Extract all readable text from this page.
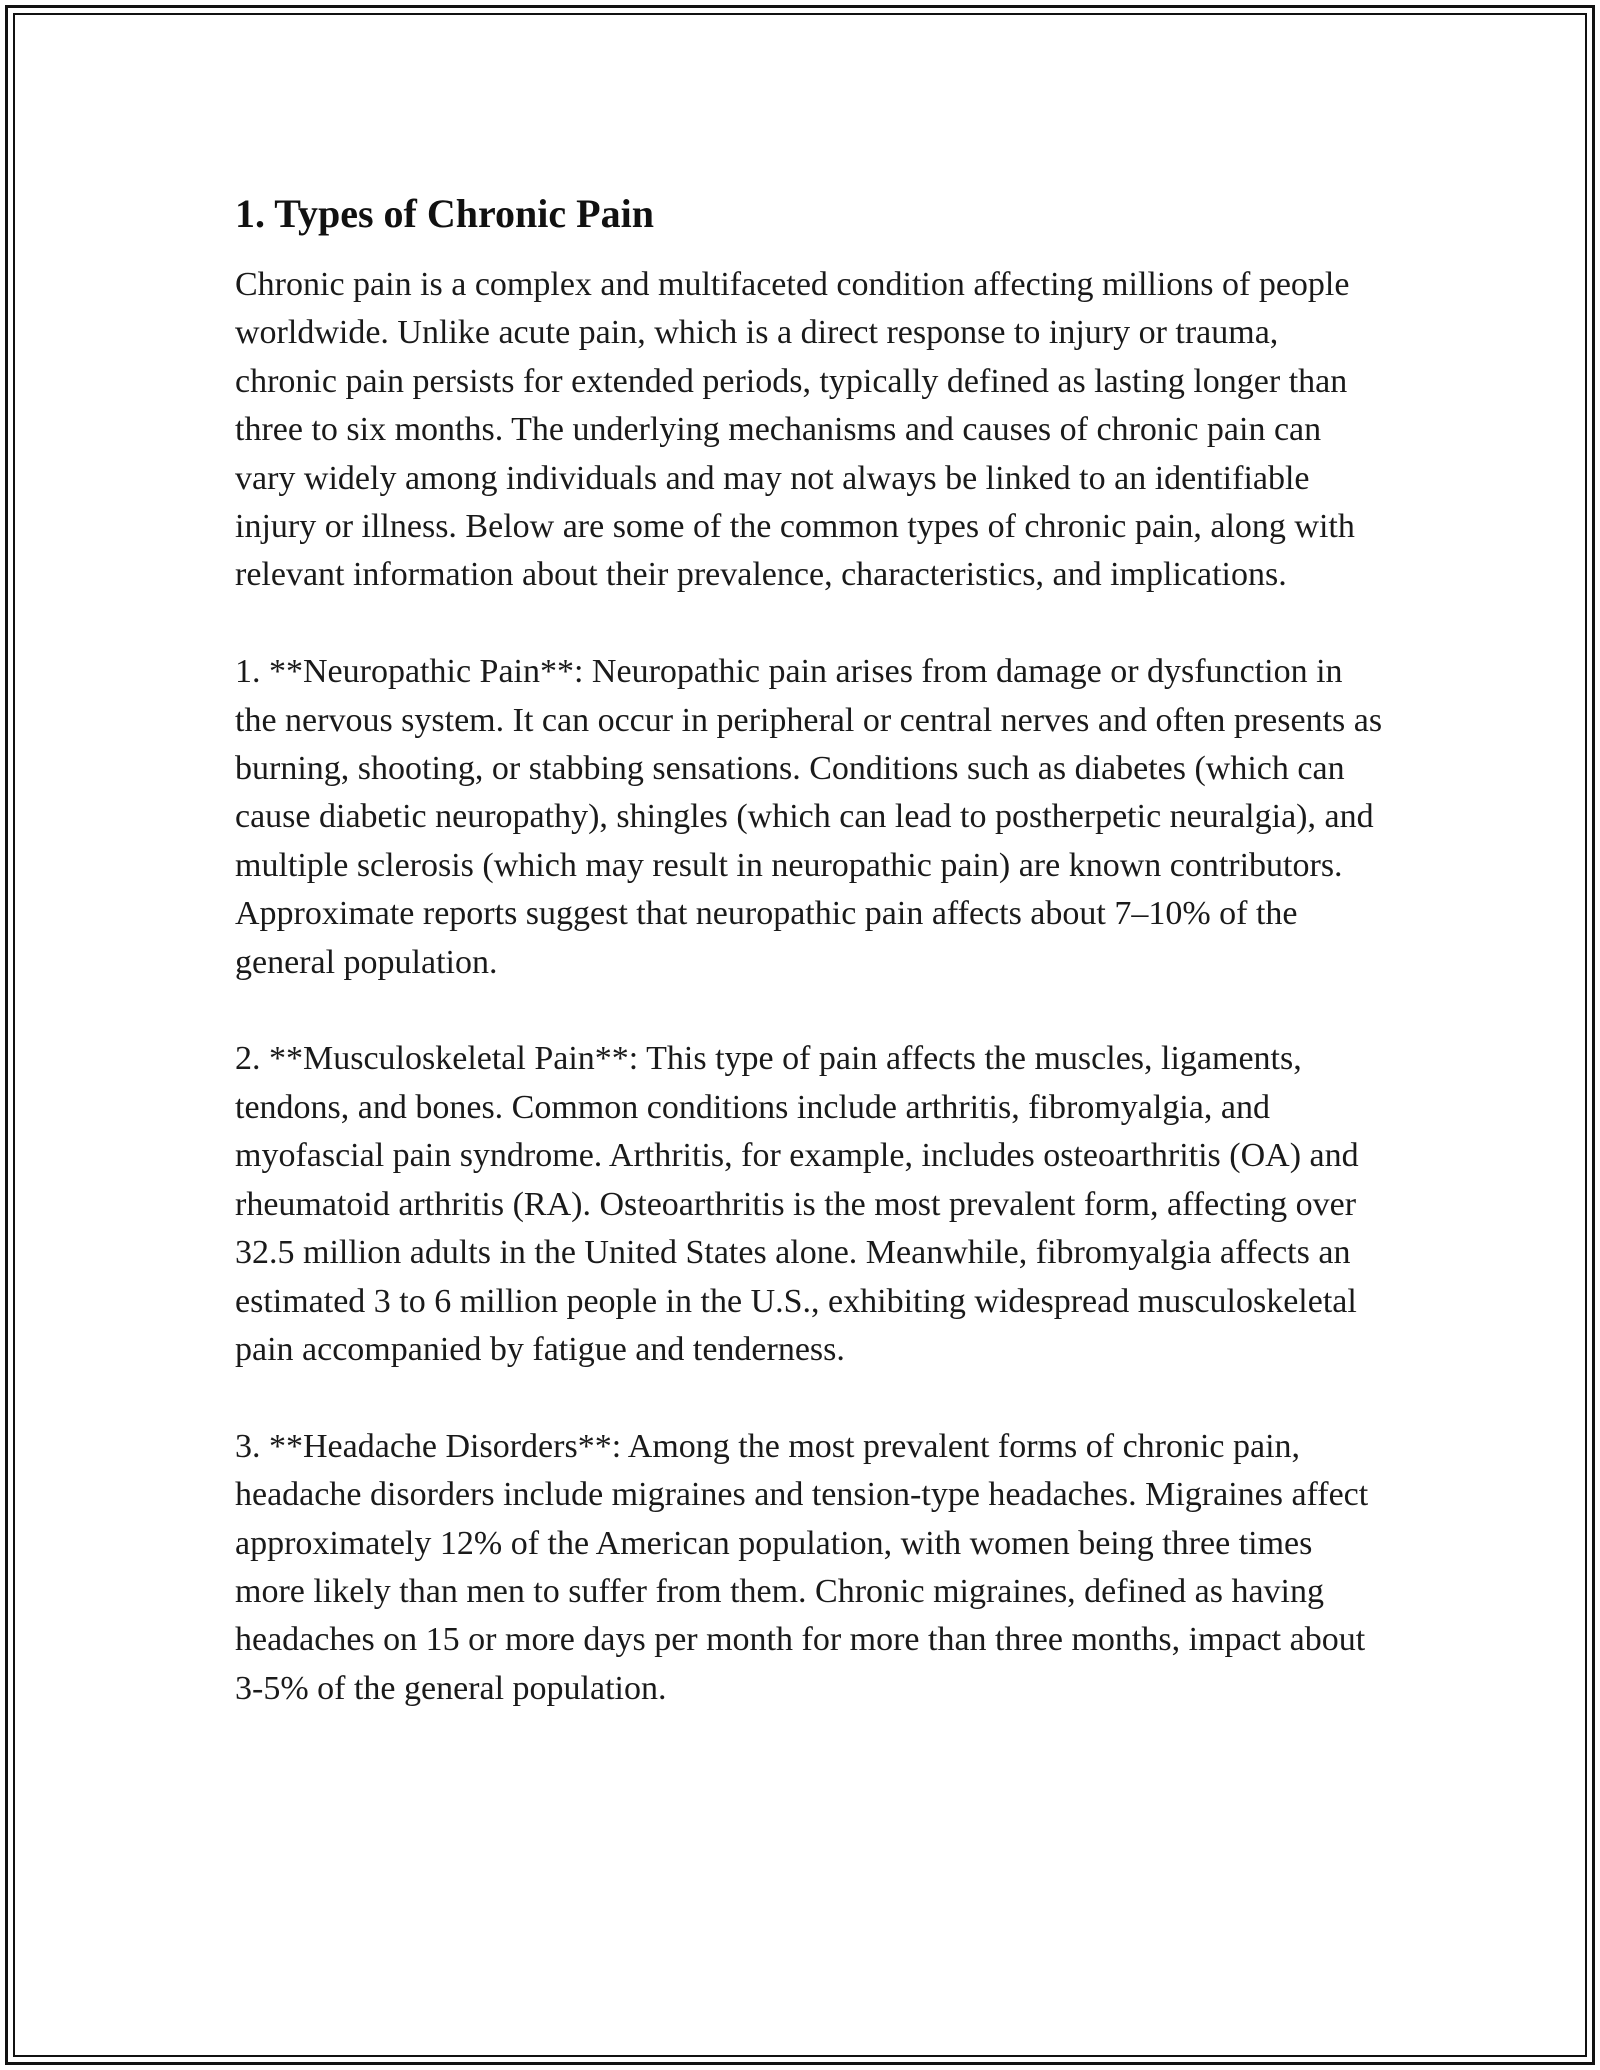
1. Types of Chronic Pain

Chronic pain is a complex and multifaceted condition affecting millions of people worldwide. Unlike acute pain, which is a direct response to injury or trauma, chronic pain persists for extended periods, typically defined as lasting longer than three to six months. The underlying mechanisms and causes of chronic pain can vary widely among individuals and may not always be linked to an identifiable injury or illness. Below are some of the common types of chronic pain, along with relevant information about their prevalence, characteristics, and implications.

1. **Neuropathic Pain**: Neuropathic pain arises from damage or dysfunction in the nervous system. It can occur in peripheral or central nerves and often presents as burning, shooting, or stabbing sensations. Conditions such as diabetes (which can cause diabetic neuropathy), shingles (which can lead to postherpetic neuralgia), and multiple sclerosis (which may result in neuropathic pain) are known contributors. Approximate reports suggest that neuropathic pain affects about 7–10% of the general population.

2. **Musculoskeletal Pain**: This type of pain affects the muscles, ligaments, tendons, and bones. Common conditions include arthritis, fibromyalgia, and myofascial pain syndrome. Arthritis, for example, includes osteoarthritis (OA) and rheumatoid arthritis (RA). Osteoarthritis is the most prevalent form, affecting over 32.5 million adults in the United States alone. Meanwhile, fibromyalgia affects an estimated 3 to 6 million people in the U.S., exhibiting widespread musculoskeletal pain accompanied by fatigue and tenderness.

3. **Headache Disorders**: Among the most prevalent forms of chronic pain, headache disorders include migraines and tension-type headaches. Migraines affect approximately 12% of the American population, with women being three times more likely than men to suffer from them. Chronic migraines, defined as having headaches on 15 or more days per month for more than three months, impact about 3-5% of the general population.
